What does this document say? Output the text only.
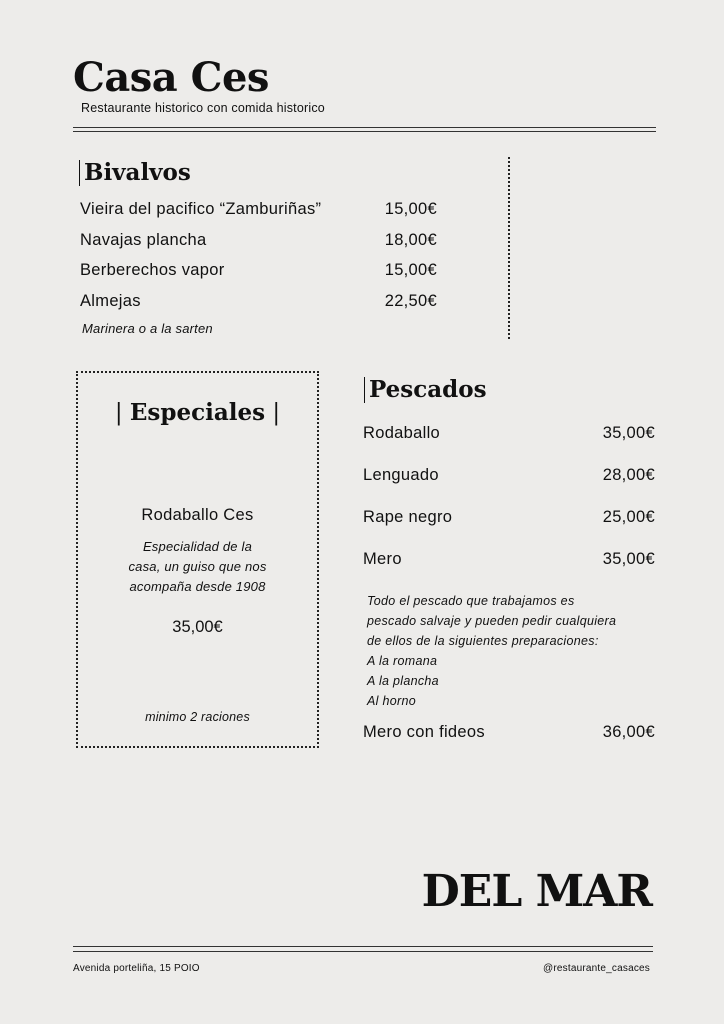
Casa Ces
Restaurante historico con comida historico
Bivalvos
Vieira del pacifico “Zamburiñas”	15,00€
Navajas plancha	18,00€
Berberechos vapor	15,00€
Almejas	22,50€
Marinera o a la sarten
| Especiales |
Rodaballo Ces
Especialidad de la
casa, un guiso que nos
acompaña desde 1908
35,00€
minimo 2 raciones
Pescados
Rodaballo	35,00€
Lenguado	28,00€
Rape negro	25,00€
Mero	35,00€
Todo el pescado que trabajamos es
pescado salvaje y pueden pedir cualquiera
de ellos de la siguientes preparaciones:
A la romana
A la plancha
Al horno
Mero con fideos	36,00€
DEL MAR
Avenida porteliña, 15 POIO	@restaurante_casaces
